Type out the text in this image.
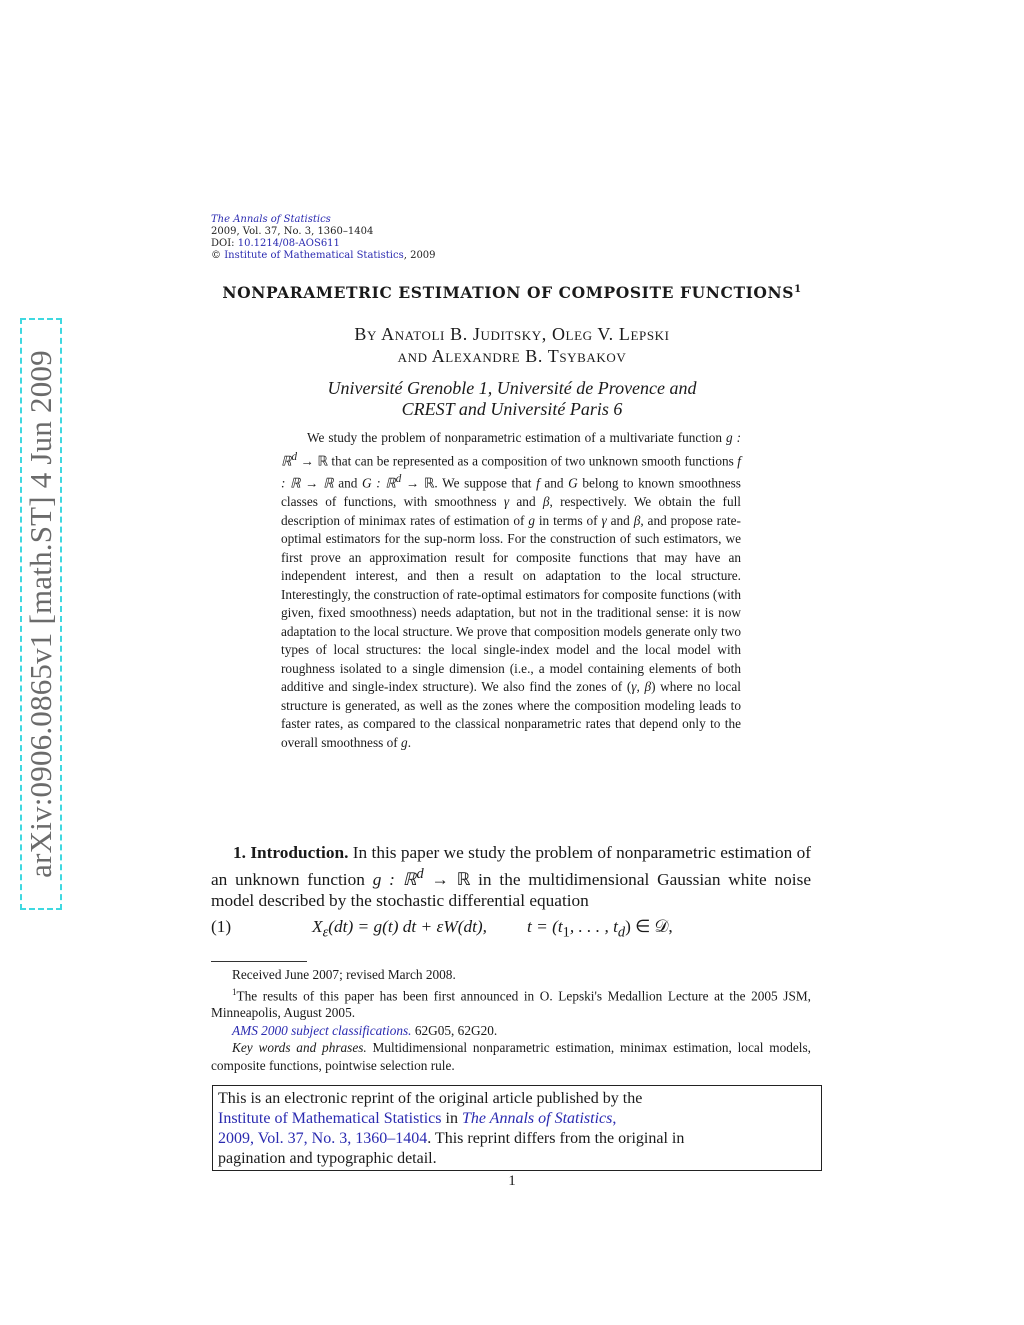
arXiv:0906.0865v1 [math.ST] 4 Jun 2009
The Annals of Statistics
2009, Vol. 37, No. 3, 1360–1404
DOI: 10.1214/08-AOS611
© Institute of Mathematical Statistics, 2009
NONPARAMETRIC ESTIMATION OF COMPOSITE FUNCTIONS$^1$
By Anatoli B. Juditsky, Oleg V. Lepski
and Alexandre B. Tsybakov
Université Grenoble 1, Université de Provence and
CREST and Université Paris 6

We study the problem of nonparametric estimation of a multivariate function g : ℝ$^d$ → ℝ that can be represented as a composition of two unknown smooth functions f : ℝ → ℝ and G : ℝ$^d$ → ℝ. We suppose that f and G belong to known smoothness classes of functions, with smoothness γ and β, respectively. We obtain the full description of minimax rates of estimation of g in terms of γ and β, and propose rate-optimal estimators for the sup-norm loss. For the construction of such estimators, we first prove an approximation result for composite functions that may have an independent interest, and then a result on adaptation to the local structure. Interestingly, the construction of rate-optimal estimators for composite functions (with given, fixed smoothness) needs adaptation, but not in the traditional sense: it is now adaptation to the local structure. We prove that composition models generate only two types of local structures: the local single-index model and the local model with roughness isolated to a single dimension (i.e., a model containing elements of both additive and single-index structure). We also find the zones of (γ, β) where no local structure is generated, as well as the zones where the composition modeling leads to faster rates, as compared to the classical nonparametric rates that depend only to the overall smoothness of g.

1. Introduction. In this paper we study the problem of nonparametric estimation of an unknown function g : ℝ$^d$ → ℝ in the multidimensional Gaussian white noise model described by the stochastic differential equation

(1)	$X_\varepsilon(dt) = g(t)$ dt + εW(dt), $t = (t_1$, . . . , $t_d$) ∈ 𝒟,

Received June 2007; revised March 2008.

$^1$The results of this paper has been first announced in O. Lepski's Medallion Lecture at the 2005 JSM, Minneapolis, August 2005.

AMS 2000 subject classifications. 62G05, 62G20.

Key words and phrases. Multidimensional nonparametric estimation, minimax estimation, local models, composite functions, pointwise selection rule.

This is an electronic reprint of the original article published by the
Institute of Mathematical Statistics in The Annals of Statistics,
2009, Vol. 37, No. 3, 1360–1404. This reprint differs from the original in
pagination and typographic detail.
1
